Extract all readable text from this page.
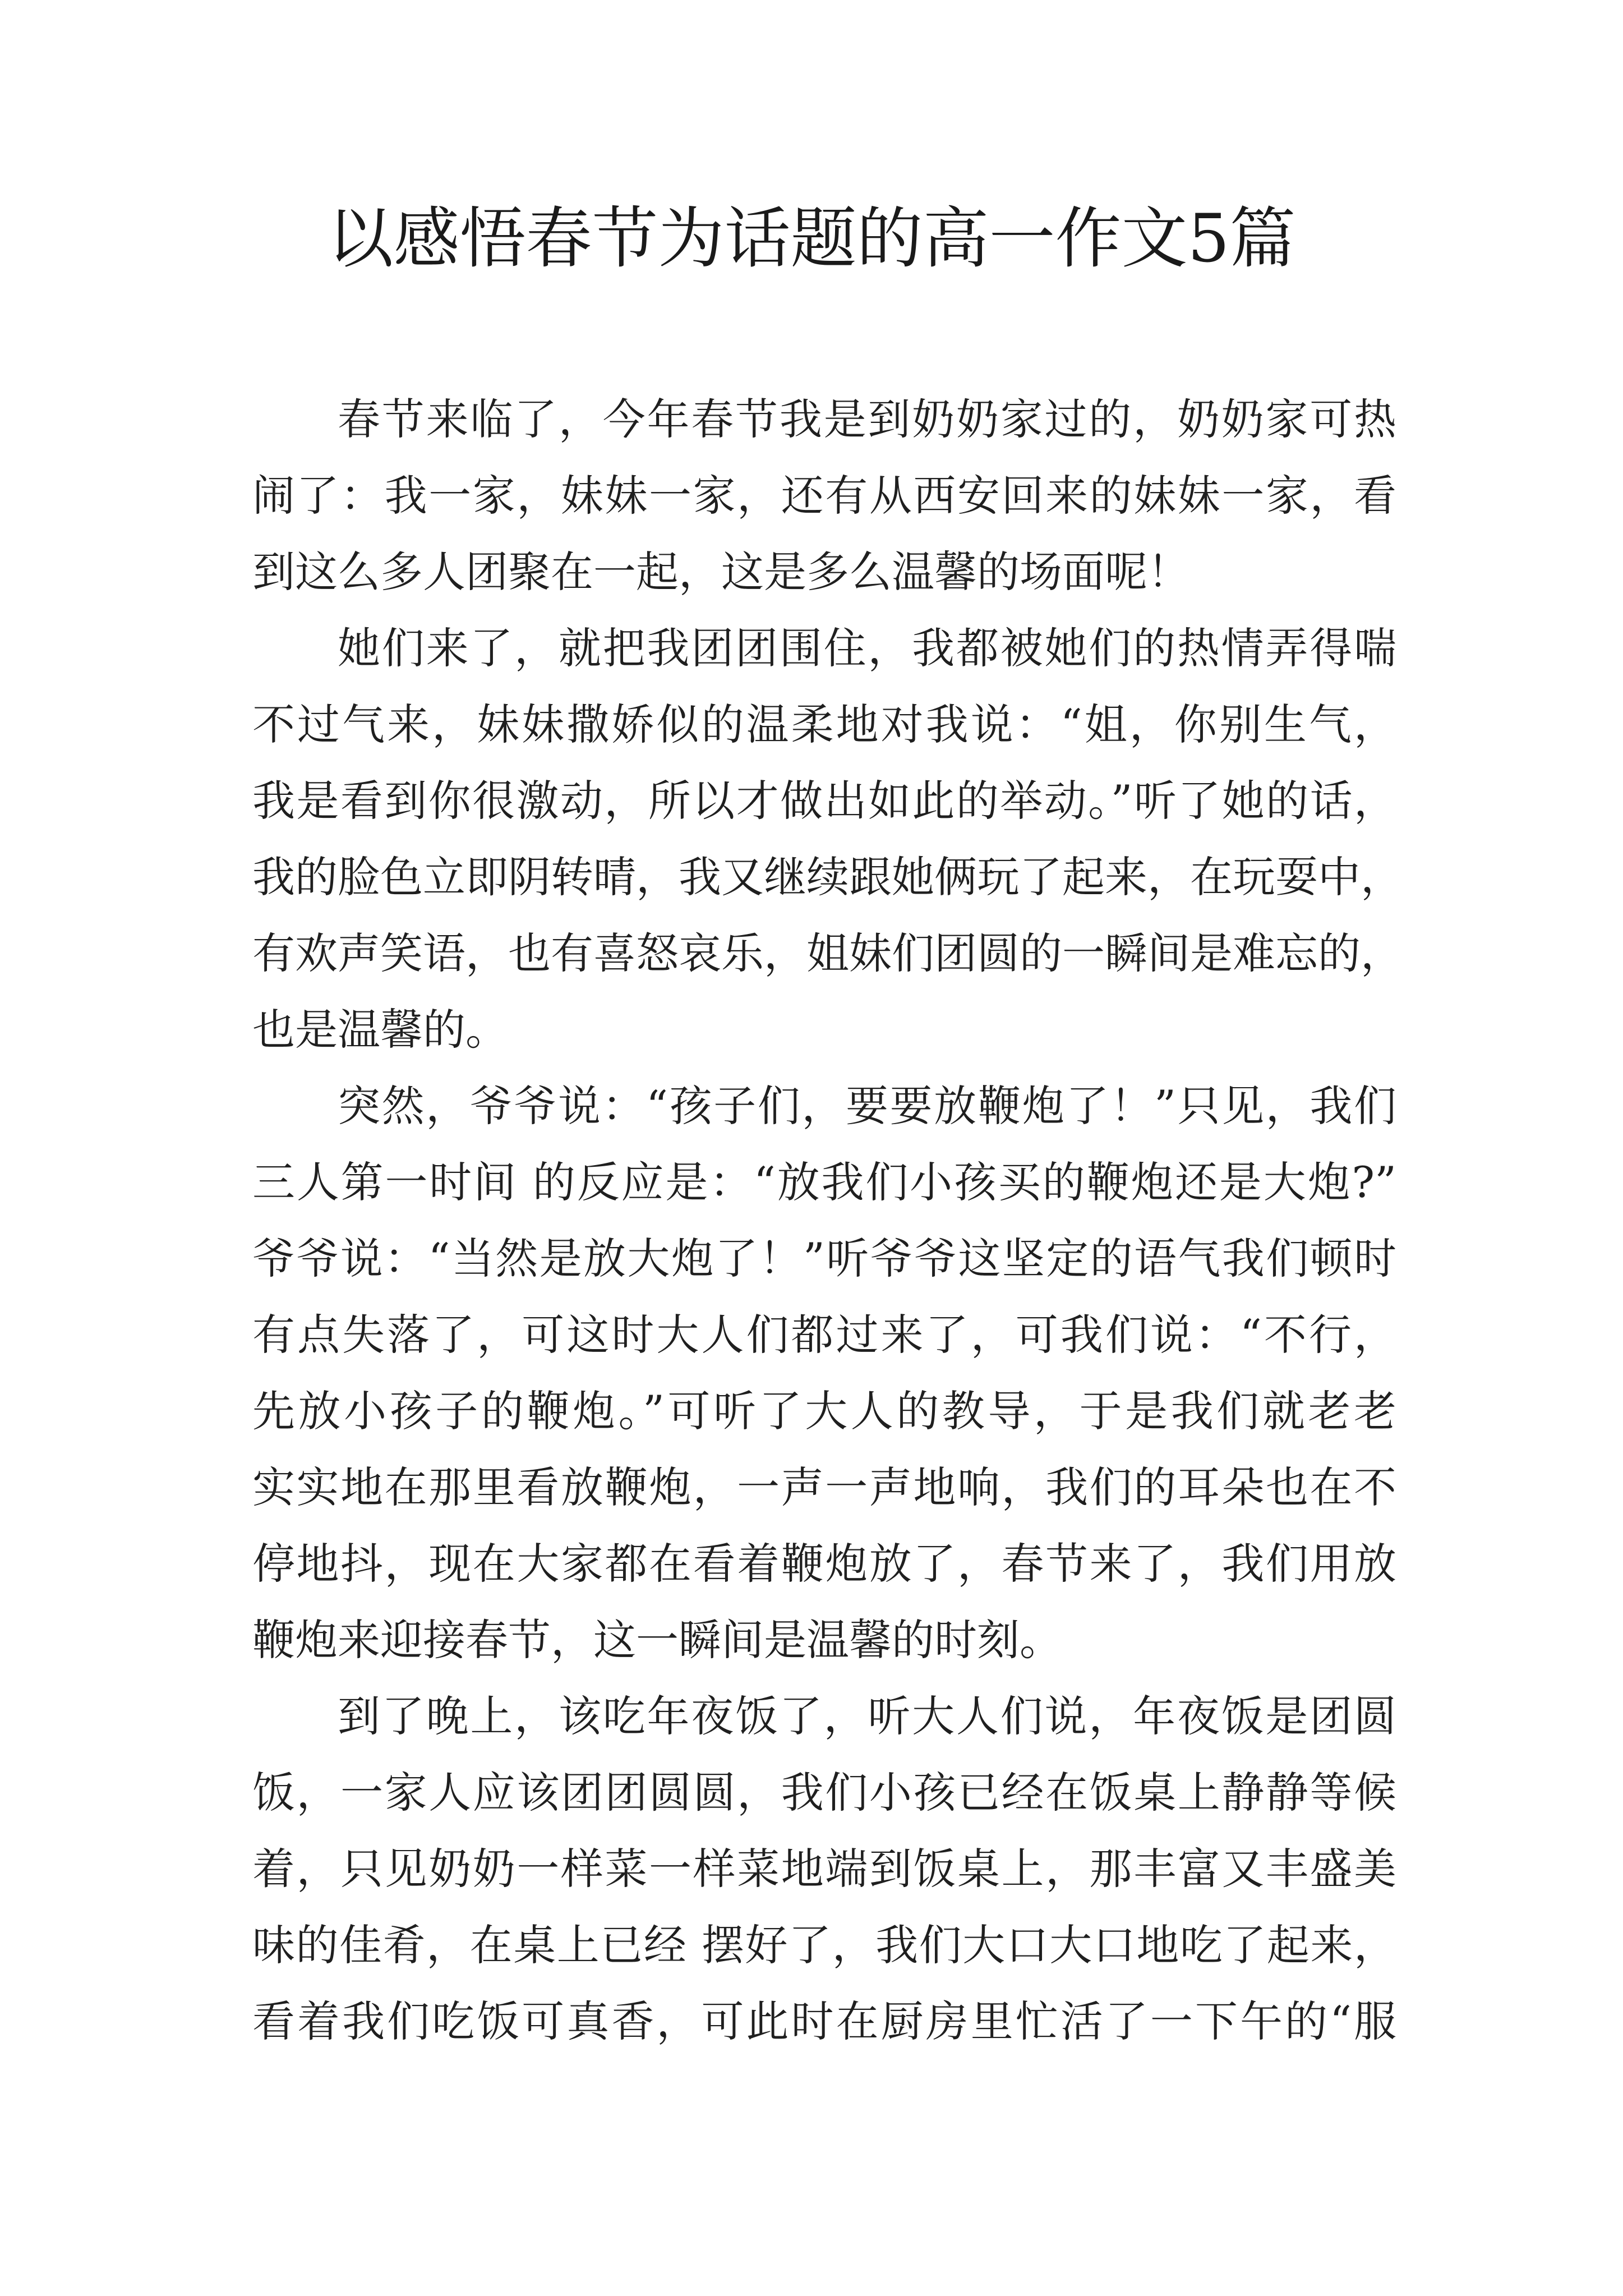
以感悟春节为话题的高一作文5篇
春节来临了，今年春节我是到奶奶家过的，奶奶家可热
闹了：我一家，妹妹一家，还有从西安回来的妹妹一家，看
到这么多人团聚在一起，这是多么温馨的场面呢！
她们来了，就把我团团围住，我都被她们的热情弄得喘
不过气来，妹妹撒娇似的温柔地对我说：“姐，你别生气，
我是看到你很激动，所以才做出如此的举动。”听了她的话，
我的脸色立即阴转晴，我又继续跟她俩玩了起来，在玩耍中，
有欢声笑语，也有喜怒哀乐，姐妹们团圆的一瞬间是难忘的，
也是温馨的。
突然，爷爷说：“孩子们，要要放鞭炮了！”只见，我们
三人第一时间 的反应是：“放我们小孩买的鞭炮还是大炮?”
爷爷说：“当然是放大炮了！”听爷爷这坚定的语气我们顿时
有点失落了，可这时大人们都过来了，可我们说：“不行，
先放小孩子的鞭炮。”可听了大人的教导，于是我们就老老
实实地在那里看放鞭炮，一声一声地响，我们的耳朵也在不
停地抖，现在大家都在看着鞭炮放了，春节来了，我们用放
鞭炮来迎接春节，这一瞬间是温馨的时刻。
到了晚上，该吃年夜饭了，听大人们说，年夜饭是团圆
饭，一家人应该团团圆圆，我们小孩已经在饭桌上静静等候
着，只见奶奶一样菜一样菜地端到饭桌上，那丰富又丰盛美
味的佳肴，在桌上已经 摆好了，我们大口大口地吃了起来，
看着我们吃饭可真香，可此时在厨房里忙活了一下午的“服
